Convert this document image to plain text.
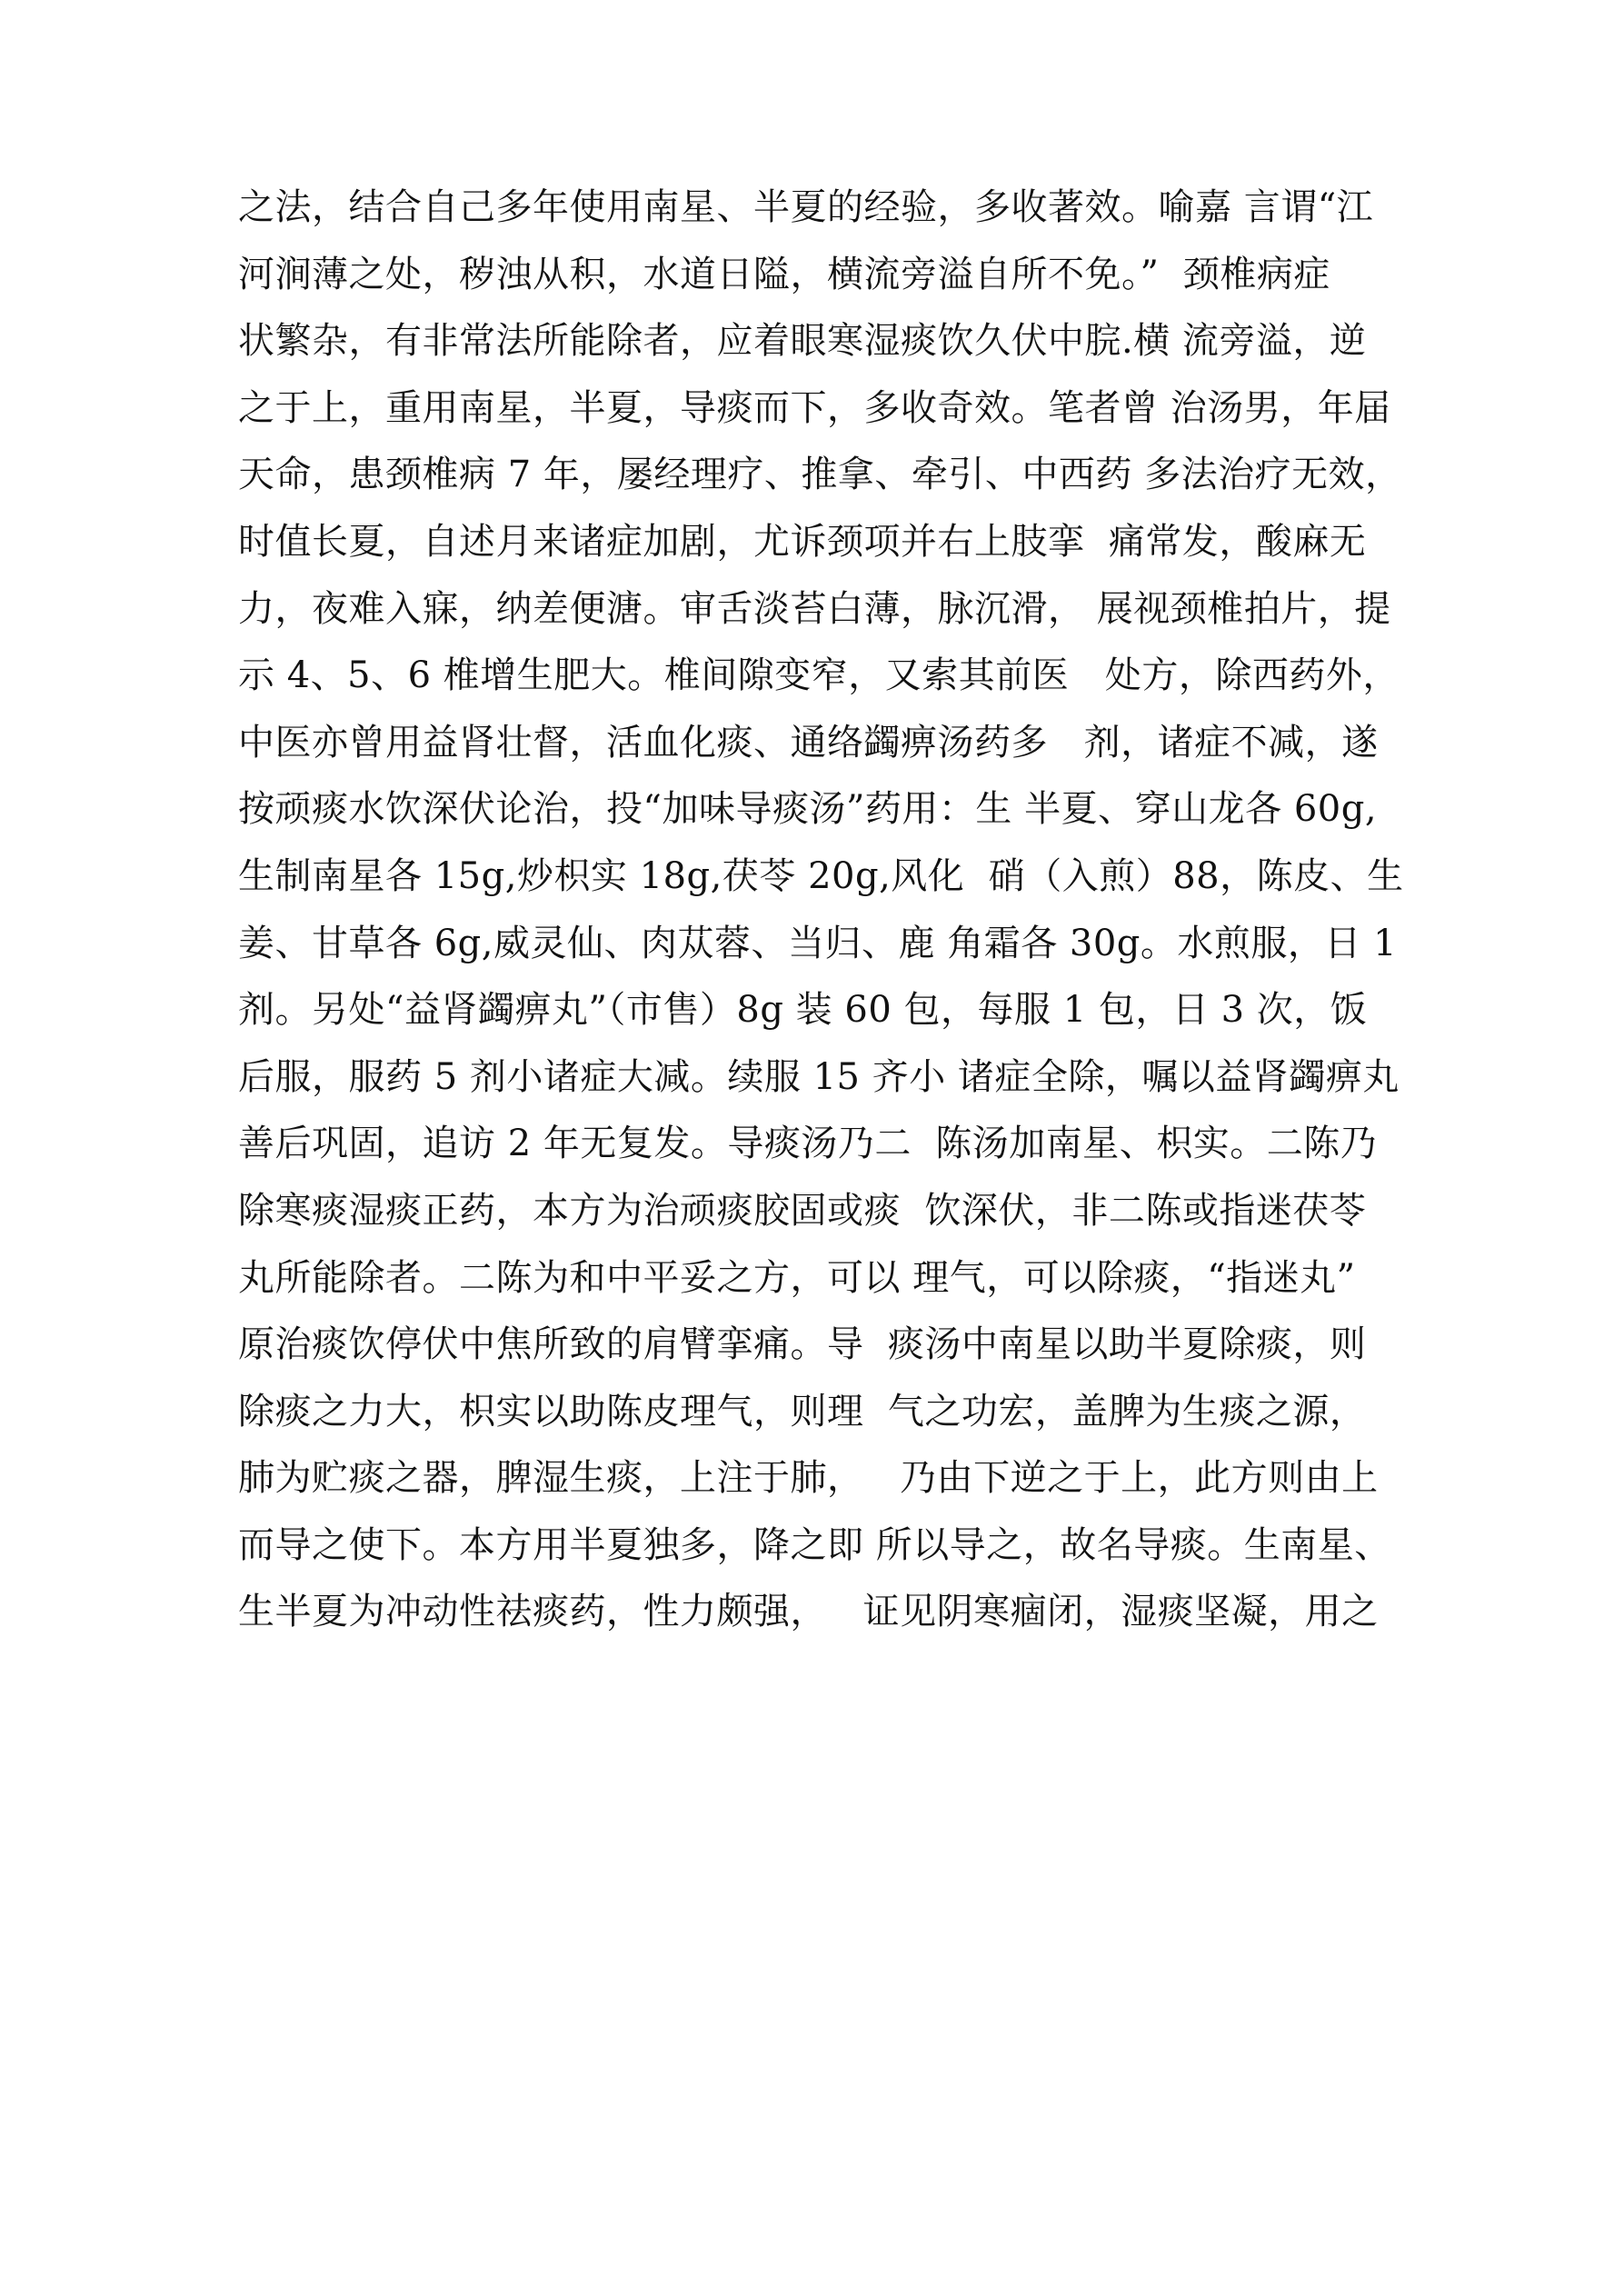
之法，结合自己多年使用南星、半夏的经验，多收著效。喻嘉 言谓“江
河涧薄之处，秽浊从积，水道日隘，横流旁溢自所不免。”  颈椎病症
状繁杂，有非常法所能除者，应着眼寒湿痰饮久伏中脘.横 流旁溢，逆
之于上，重用南星，半夏，导痰而下，多收奇效。笔者曾 治汤男，年届
天命，患颈椎病 7 年，屡经理疗、推拿、牵引、中西药 多法治疗无效，
时值长夏，自述月来诸症加剧，尤诉颈项并右上肢挛  痛常发，酸麻无
力，夜难入寐，纳差便溏。审舌淡苔白薄，脉沉滑， 展视颈椎拍片，提
示 4、5、6 椎增生肥大。椎间隙变窄，又索其前医   处方，除西药外，
中医亦曾用益肾壮督，活血化痰、通络蠲痹汤药多   剂，诸症不减，遂
按顽痰水饮深伏论治，投“加味导痰汤”药用：生 半夏、穿山龙各 60g,
生制南星各 15g,炒枳实 18g,茯苓 20g,风化  硝（入煎）88，陈皮、生
姜、甘草各 6g,威灵仙、肉苁蓉、当归、鹿 角霜各 30g。水煎服，日 1
剂。另处“益肾蠲痹丸”（市售）8g 装 60 包，每服 1 包，日 3 次，饭
后服，服药 5 剂小诸症大减。续服 15 齐小 诸症全除，嘱以益肾蠲痹丸
善后巩固，追访 2 年无复发。导痰汤乃二  陈汤加南星、枳实。二陈乃
除寒痰湿痰正药，本方为治顽痰胶固或痰  饮深伏，非二陈或指迷茯苓
丸所能除者。二陈为和中平妥之方，可以 理气，可以除痰，“指迷丸”
原治痰饮停伏中焦所致的肩臂挛痛。导  痰汤中南星以助半夏除痰，则
除痰之力大，枳实以助陈皮理气，则理  气之功宏，盖脾为生痰之源，
肺为贮痰之器，脾湿生痰，上注于肺，   乃由下逆之于上，此方则由上
而导之使下。本方用半夏独多，降之即 所以导之，故名导痰。生南星、
生半夏为冲动性祛痰药，性力颇强，   证见阴寒痼闭，湿痰坚凝，用之
